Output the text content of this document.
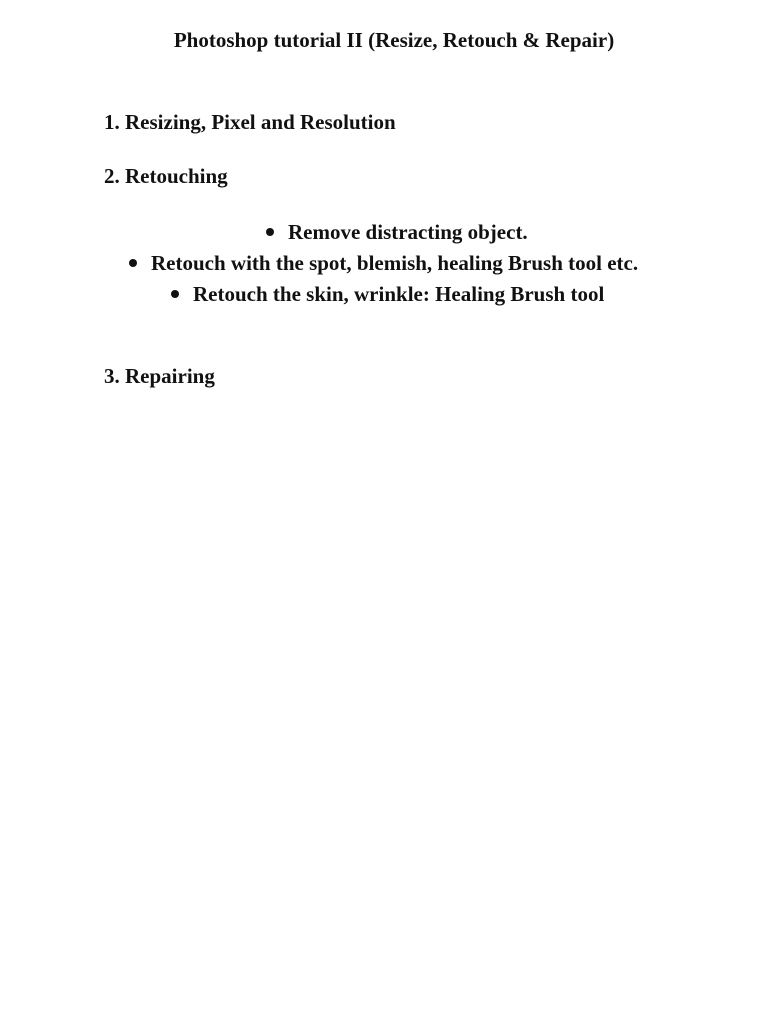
Photoshop tutorial II (Resize, Retouch & Repair)
1. Resizing, Pixel and Resolution
2. Retouching
Remove distracting object.
Retouch with the spot, blemish, healing Brush tool etc.
Retouch the skin, wrinkle: Healing Brush tool
3. Repairing
